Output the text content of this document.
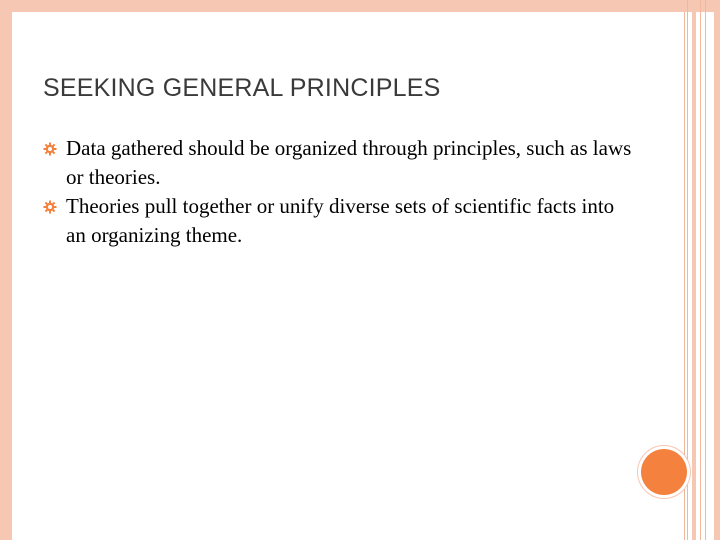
SEEKING GENERAL PRINCIPLES
Data gathered should be organized through principles, such as laws or theories.
Theories pull together or unify diverse sets of scientific facts into an organizing theme.
